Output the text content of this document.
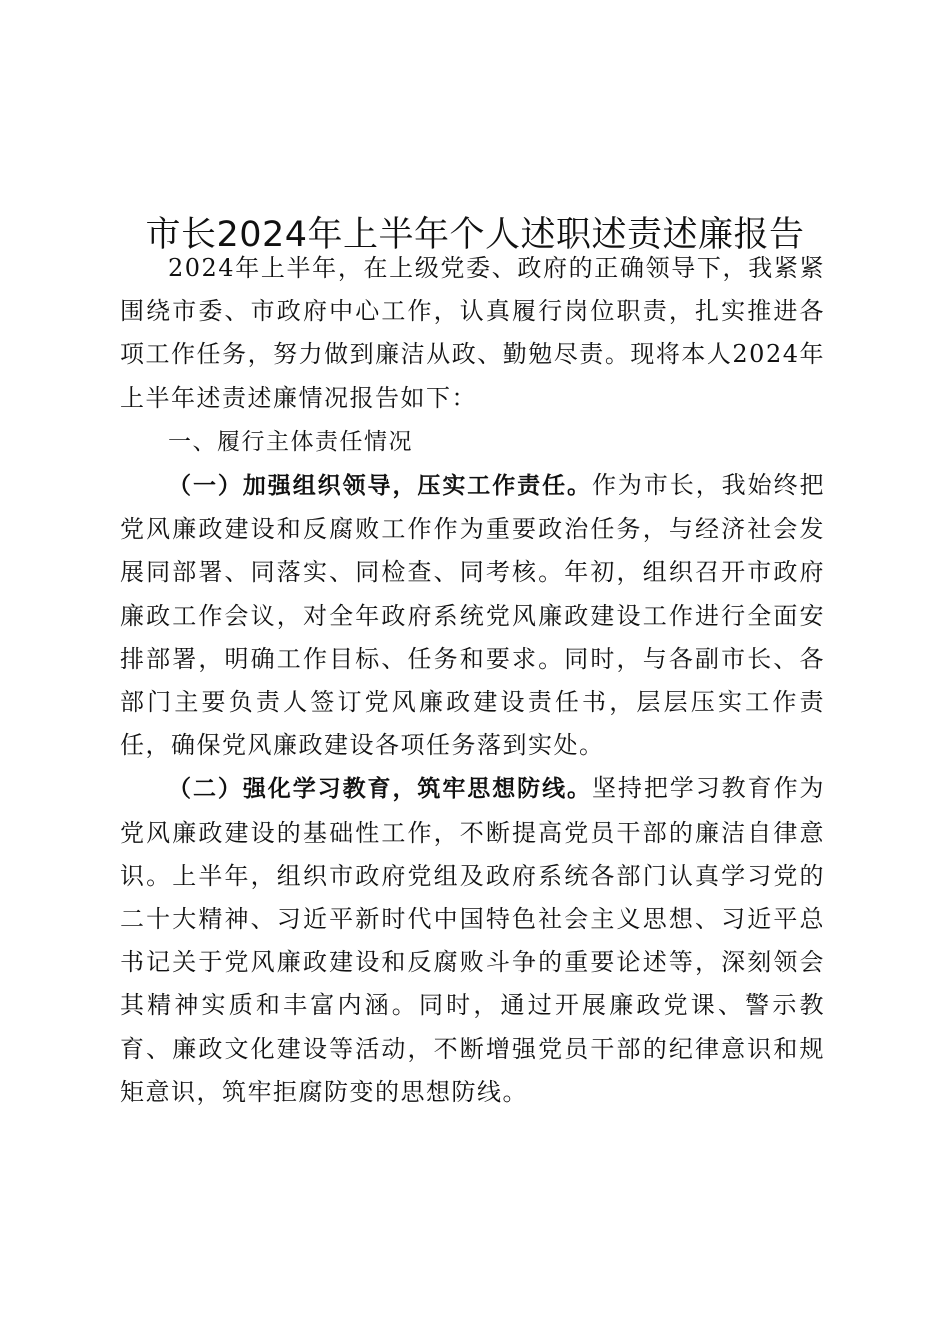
市长2024年上半年个人述职述责述廉报告

2024年上半年，在上级党委、政府的正确领导下，我紧紧围绕市委、市政府中心工作，认真履行岗位职责，扎实推进各项工作任务，努力做到廉洁从政、勤勉尽责。现将本人2024年上半年述责述廉情况报告如下：

一、履行主体责任情况

（一）加强组织领导，压实工作责任。作为市长，我始终把党风廉政建设和反腐败工作作为重要政治任务，与经济社会发展同部署、同落实、同检查、同考核。年初，组织召开市政府廉政工作会议，对全年政府系统党风廉政建设工作进行全面安排部署，明确工作目标、任务和要求。同时，与各副市长、各部门主要负责人签订党风廉政建设责任书，层层压实工作责任，确保党风廉政建设各项任务落到实处。

（二）强化学习教育，筑牢思想防线。坚持把学习教育作为党风廉政建设的基础性工作，不断提高党员干部的廉洁自律意识。上半年，组织市政府党组及政府系统各部门认真学习党的二十大精神、习近平新时代中国特色社会主义思想、习近平总书记关于党风廉政建设和反腐败斗争的重要论述等，深刻领会其精神实质和丰富内涵。同时，通过开展廉政党课、警示教育、廉政文化建设等活动，不断增强党员干部的纪律意识和规矩意识，筑牢拒腐防变的思想防线。
